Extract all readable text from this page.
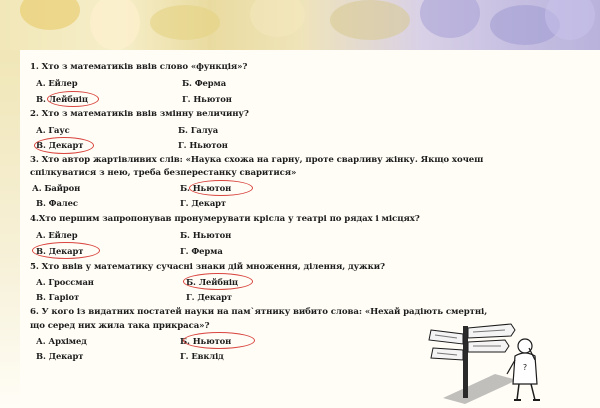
1. Хто з математиків ввів слово «функція»?
А. Ейлер	Б. Ферма
В. Лейбніц	Г. Ньютон
2. Хто з математиків ввів змінну величину?
А. Гаус	Б. Галуа
В. Декарт	Г. Ньютон
3. Хто автор жартівливих слів: «Наука схожа на гарну, проте сварливу жінку. Якщо хочеш
спілкуватися з нею, треба безперестанку сваритися»
А. Байрон	Б. Ньютон
В. Фалес	Г. Декарт
4.Хто першим запропонував пронумерувати крісла у театрі по рядах і місцях?
А. Ейлер	Б. Ньютон
В. Декарт	Г. Ферма
5. Хто ввів у математику сучасні знаки дій множення, ділення, дужки?
А. Гроссман	Б. Лейбніц
В. Гаріот	Г. Декарт
6. У кого із видатних постатей науки на пам`ятнику вибито слова: «Нехай радіють смертні,
що серед них жила така прикраса»?
А. Архімед	Б. Ньютон
В. Декарт	Г. Евклід
?
